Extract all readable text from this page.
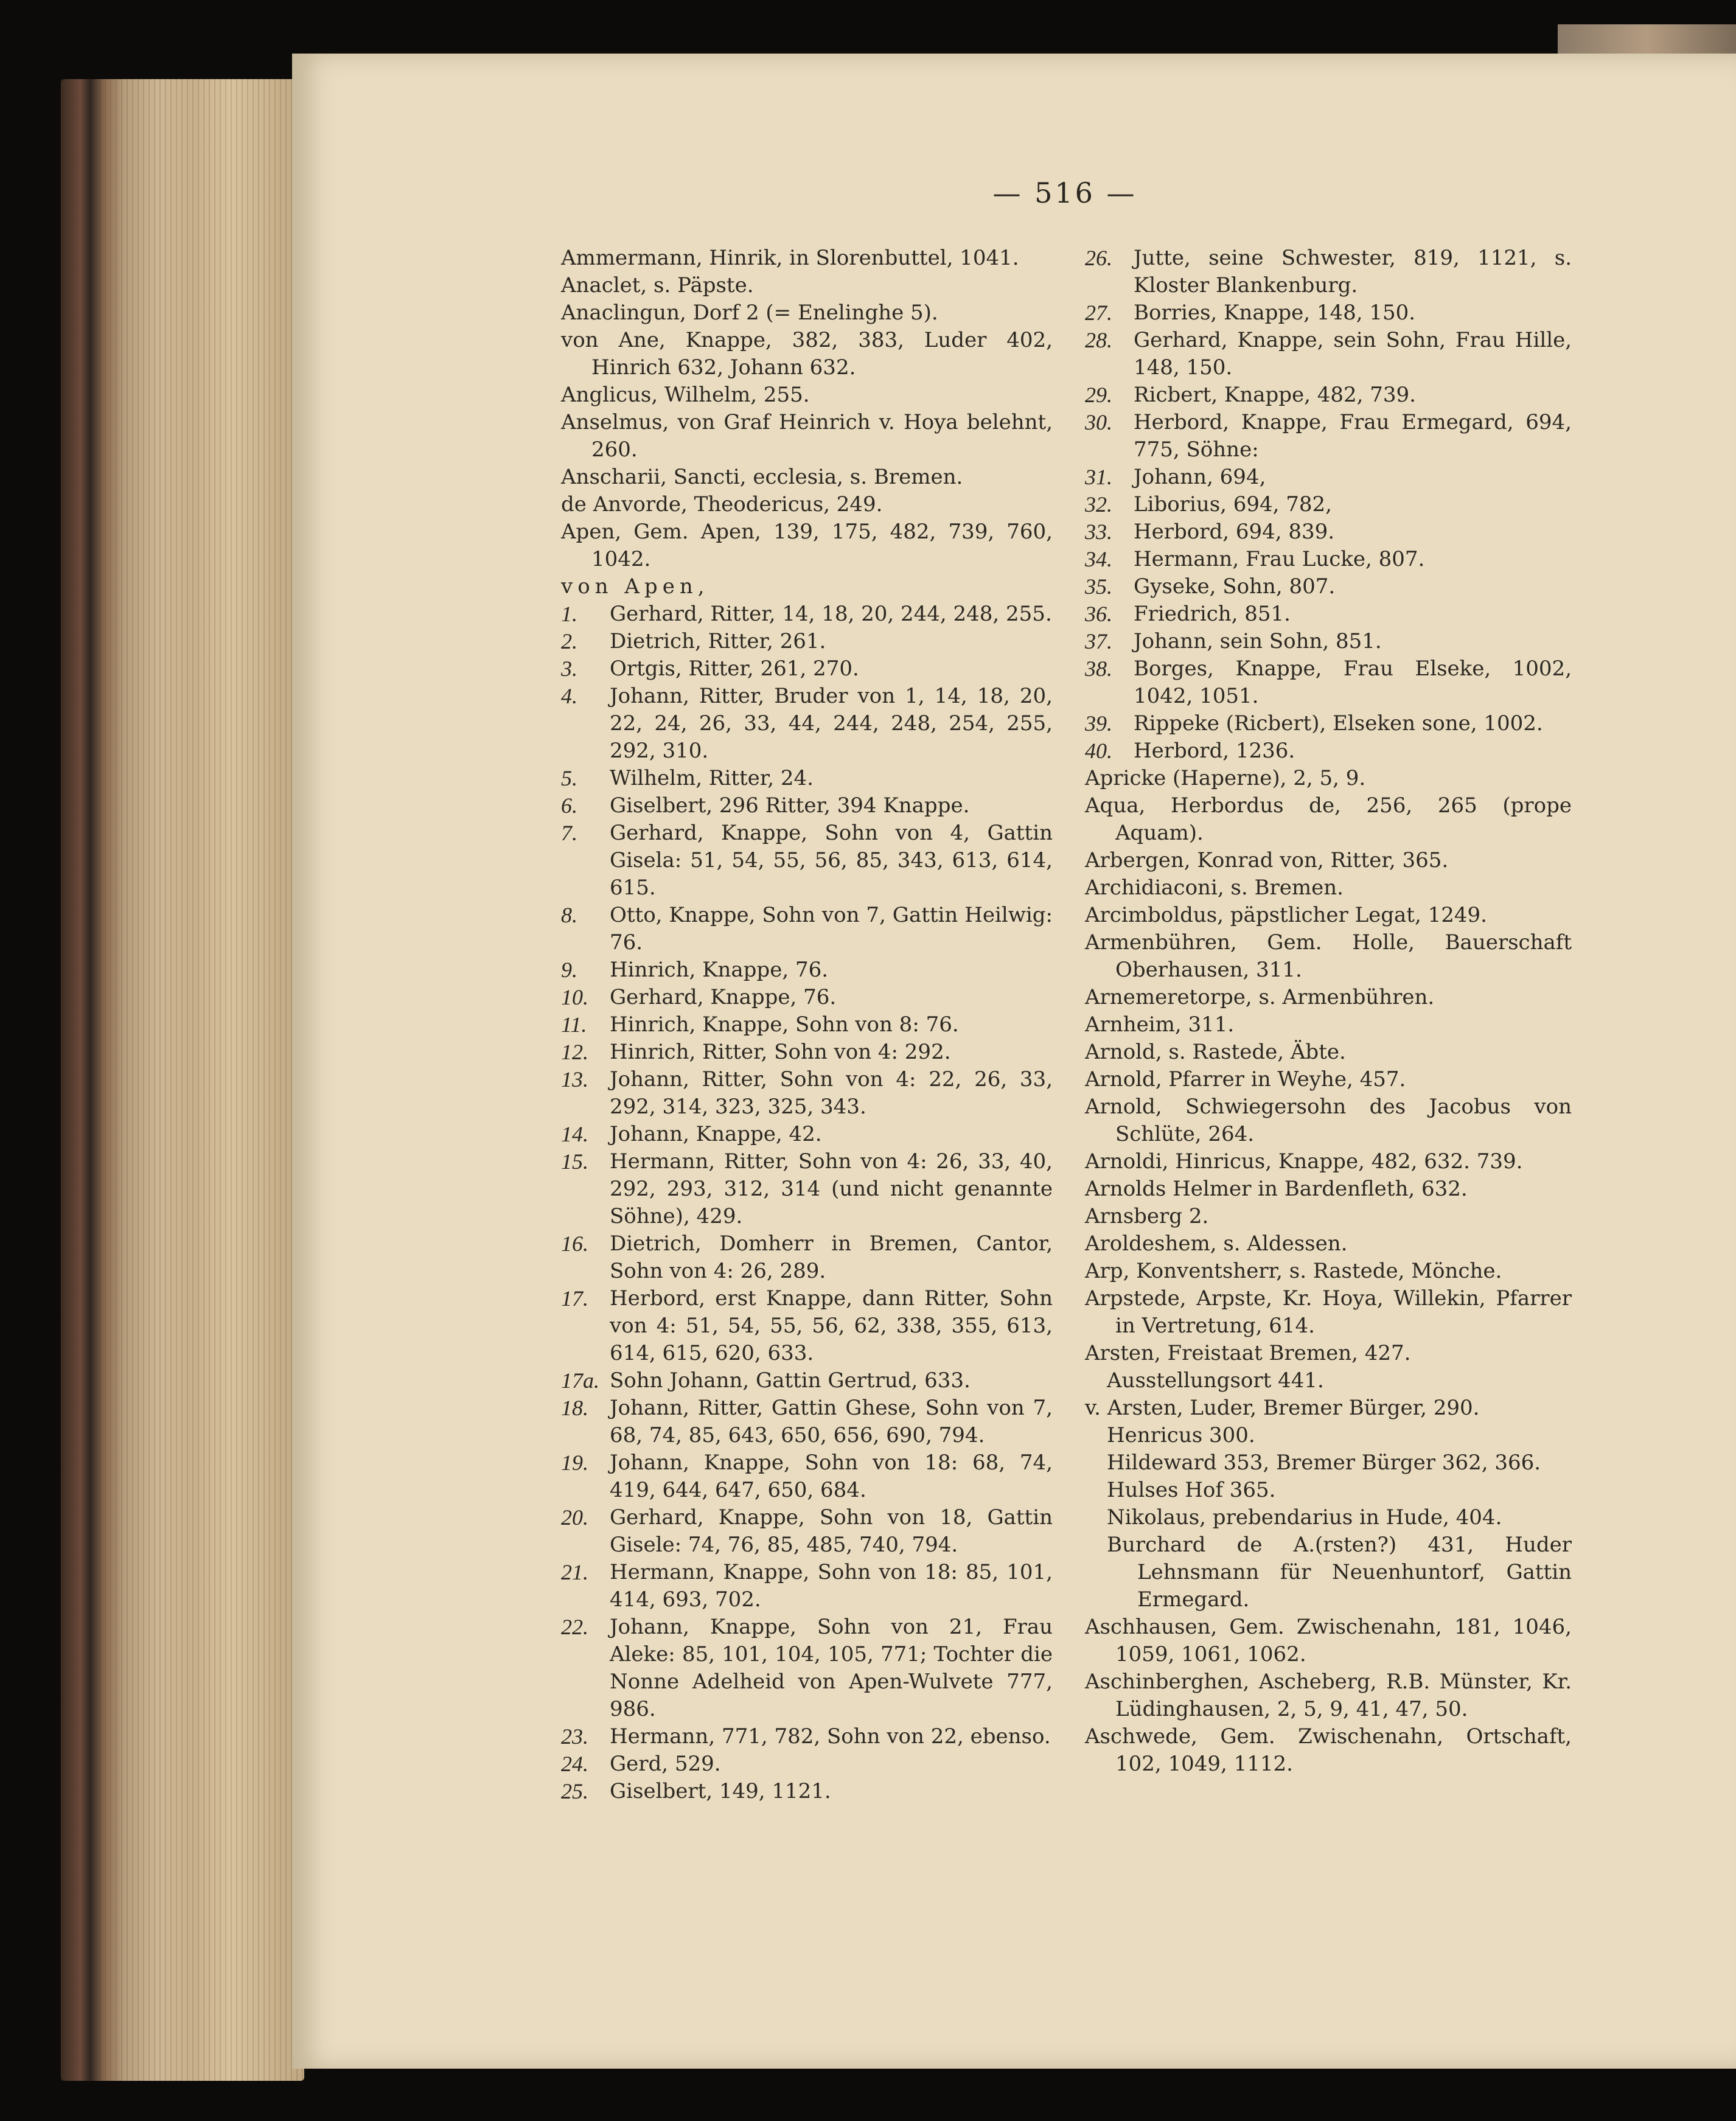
— 516 —

Ammermann, Hinrik, in Slorenbuttel, 1041.

Anaclet, s. Päpste.

Anaclingun, Dorf 2 (= Enelinghe 5).

von Ane, Knappe, 382, 383, Luder 402, Hinrich 632, Johann 632.

Anglicus, Wilhelm, 255.

Anselmus, von Graf Heinrich v. Hoya belehnt, 260.

Anscharii, Sancti, ecclesia, s. Bremen.

de Anvorde, Theodericus, 249.

Apen, Gem. Apen, 139, 175, 482, 739, 760, 1042.

von Apen,

1.	Gerhard, Ritter, 14, 18, 20, 244, 248, 255.

2.	Dietrich, Ritter, 261.

3.	Ortgis, Ritter, 261, 270.

4.	Johann, Ritter, Bruder von 1, 14, 18, 20, 22, 24, 26, 33, 44, 244, 248, 254, 255, 292, 310.

5.	Wilhelm, Ritter, 24.

6.	Giselbert, 296 Ritter, 394 Knappe.

7.	Gerhard, Knappe, Sohn von 4, Gattin Gisela: 51, 54, 55, 56, 85, 343, 613, 614, 615.

8.	Otto, Knappe, Sohn von 7, Gattin Heilwig: 76.

9.	Hinrich, Knappe, 76.

10.	Gerhard, Knappe, 76.

11.	Hinrich, Knappe, Sohn von 8: 76.

12.	Hinrich, Ritter, Sohn von 4: 292.

13.	Johann, Ritter, Sohn von 4: 22, 26, 33, 292, 314, 323, 325, 343.

14.	Johann, Knappe, 42.

15.	Hermann, Ritter, Sohn von 4: 26, 33, 40, 292, 293, 312, 314 (und nicht genannte Söhne), 429.

16.	Dietrich, Domherr in Bremen, Cantor, Sohn von 4: 26, 289.

17.	Herbord, erst Knappe, dann Ritter, Sohn von 4: 51, 54, 55, 56, 62, 338, 355, 613, 614, 615, 620, 633.

17a. Sohn Johann, Gattin Gertrud, 633.

18.	Johann, Ritter, Gattin Ghese, Sohn von 7, 68, 74, 85, 643, 650, 656, 690, 794.

19.	Johann, Knappe, Sohn von 18: 68, 74, 419, 644, 647, 650, 684.

20.	Gerhard, Knappe, Sohn von 18, Gattin Gisele: 74, 76, 85, 485, 740, 794.

21.	Hermann, Knappe, Sohn von 18: 85, 101, 414, 693, 702.

22.	Johann, Knappe, Sohn von 21, Frau Aleke: 85, 101, 104, 105, 771; Tochter die Nonne Adelheid von Apen-Wulvete 777, 986.

23.	Hermann, 771, 782, Sohn von 22, ebenso.

24.	Gerd, 529.

25.	Giselbert, 149, 1121.

26.	Jutte, seine Schwester, 819, 1121, s. Kloster Blankenburg.

27.	Borries, Knappe, 148, 150.

28.	Gerhard, Knappe, sein Sohn, Frau Hille, 148, 150.

29.	Ricbert, Knappe, 482, 739.

30.	Herbord, Knappe, Frau Ermegard, 694, 775, Söhne:

31.	Johann, 694,

32.	Liborius, 694, 782,

33.	Herbord, 694, 839.

34.	Hermann, Frau Lucke, 807.

35.	Gyseke, Sohn, 807.

36.	Friedrich, 851.

37.	Johann, sein Sohn, 851.

38.	Borges, Knappe, Frau Elseke, 1002, 1042, 1051.

39.	Rippeke (Ricbert), Elseken sone, 1002.

40.	Herbord, 1236.

Apricke (Haperne), 2, 5, 9.

Aqua, Herbordus de, 256, 265 (prope Aquam).

Arbergen, Konrad von, Ritter, 365.

Archidiaconi, s. Bremen.

Arcimboldus, päpstlicher Legat, 1249.

Armenbühren, Gem. Holle, Bauerschaft Oberhausen, 311.

Arnemeretorpe, s. Armenbühren.

Arnheim, 311.

Arnold, s. Rastede, Äbte.

Arnold, Pfarrer in Weyhe, 457.

Arnold, Schwiegersohn des Jacobus von Schlüte, 264.

Arnoldi, Hinricus, Knappe, 482, 632. 739.

Arnolds Helmer in Bardenfleth, 632.

Arnsberg 2.

Aroldeshem, s. Aldessen.

Arp, Konventsherr, s. Rastede, Mönche.

Arpstede, Arpste, Kr. Hoya, Willekin, Pfarrer in Vertretung, 614.

Arsten, Freistaat Bremen, 427.

Ausstellungsort 441.

v. Arsten, Luder, Bremer Bürger, 290.

Henricus 300.

Hildeward 353, Bremer Bürger 362, 366.

Hulses Hof 365.

Nikolaus, prebendarius in Hude, 404.

Burchard de A.(rsten?) 431, Huder Lehnsmann für Neuenhuntorf, Gattin Ermegard.

Aschhausen, Gem. Zwischenahn, 181, 1046, 1059, 1061, 1062.

Aschinberghen, Ascheberg, R.B. Münster, Kr. Lüdinghausen, 2, 5, 9, 41, 47, 50.

Aschwede, Gem. Zwischenahn, Ortschaft, 102, 1049, 1112.
